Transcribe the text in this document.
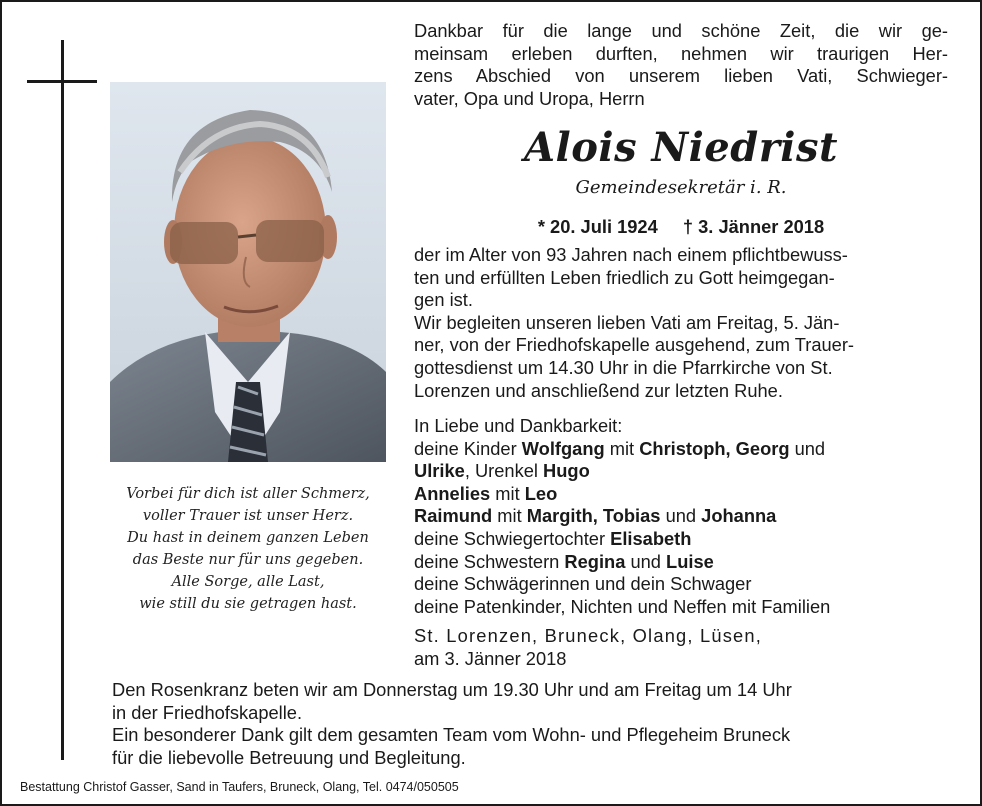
Vorbei für dich ist aller Schmerz,
voller Trauer ist unser Herz.
Du hast in deinem ganzen Leben
das Beste nur für uns gegeben.
Alle Sorge, alle Last,
wie still du sie getragen hast.
Dankbar für die lange und schöne Zeit, die wir ge-
meinsam erleben durften, nehmen wir traurigen Her-
zens Abschied von unserem lieben Vati, Schwieger-
vater, Opa und Uropa, Herrn
Alois Niedrist
Gemeindesekretär i. R.
* 20. Juli 1924 † 3. Jänner 2018
der im Alter von 93 Jahren nach einem pflichtbewuss-
ten und erfüllten Leben friedlich zu Gott heimgegan-
gen ist.
Wir begleiten unseren lieben Vati am Freitag, 5. Jän-
ner, von der Friedhofskapelle ausgehend, zum Trauer-
gottesdienst um 14.30 Uhr in die Pfarrkirche von St.
Lorenzen und anschließend zur letzten Ruhe.
In Liebe und Dankbarkeit:
deine Kinder Wolfgang mit Christoph, Georg und
Ulrike, Urenkel Hugo
Annelies mit Leo
Raimund mit Margith, Tobias und Johanna
deine Schwiegertochter Elisabeth
deine Schwestern Regina und Luise
deine Schwägerinnen und dein Schwager
deine Patenkinder, Nichten und Neffen mit Familien
St. Lorenzen, Bruneck, Olang, Lüsen,
am 3. Jänner 2018
Den Rosenkranz beten wir am Donnerstag um 19.30 Uhr und am Freitag um 14 Uhr
in der Friedhofskapelle.
Ein besonderer Dank gilt dem gesamten Team vom Wohn- und Pflegeheim Bruneck
für die liebevolle Betreuung und Begleitung.
Bestattung Christof Gasser, Sand in Taufers, Bruneck, Olang, Tel. 0474/050505
